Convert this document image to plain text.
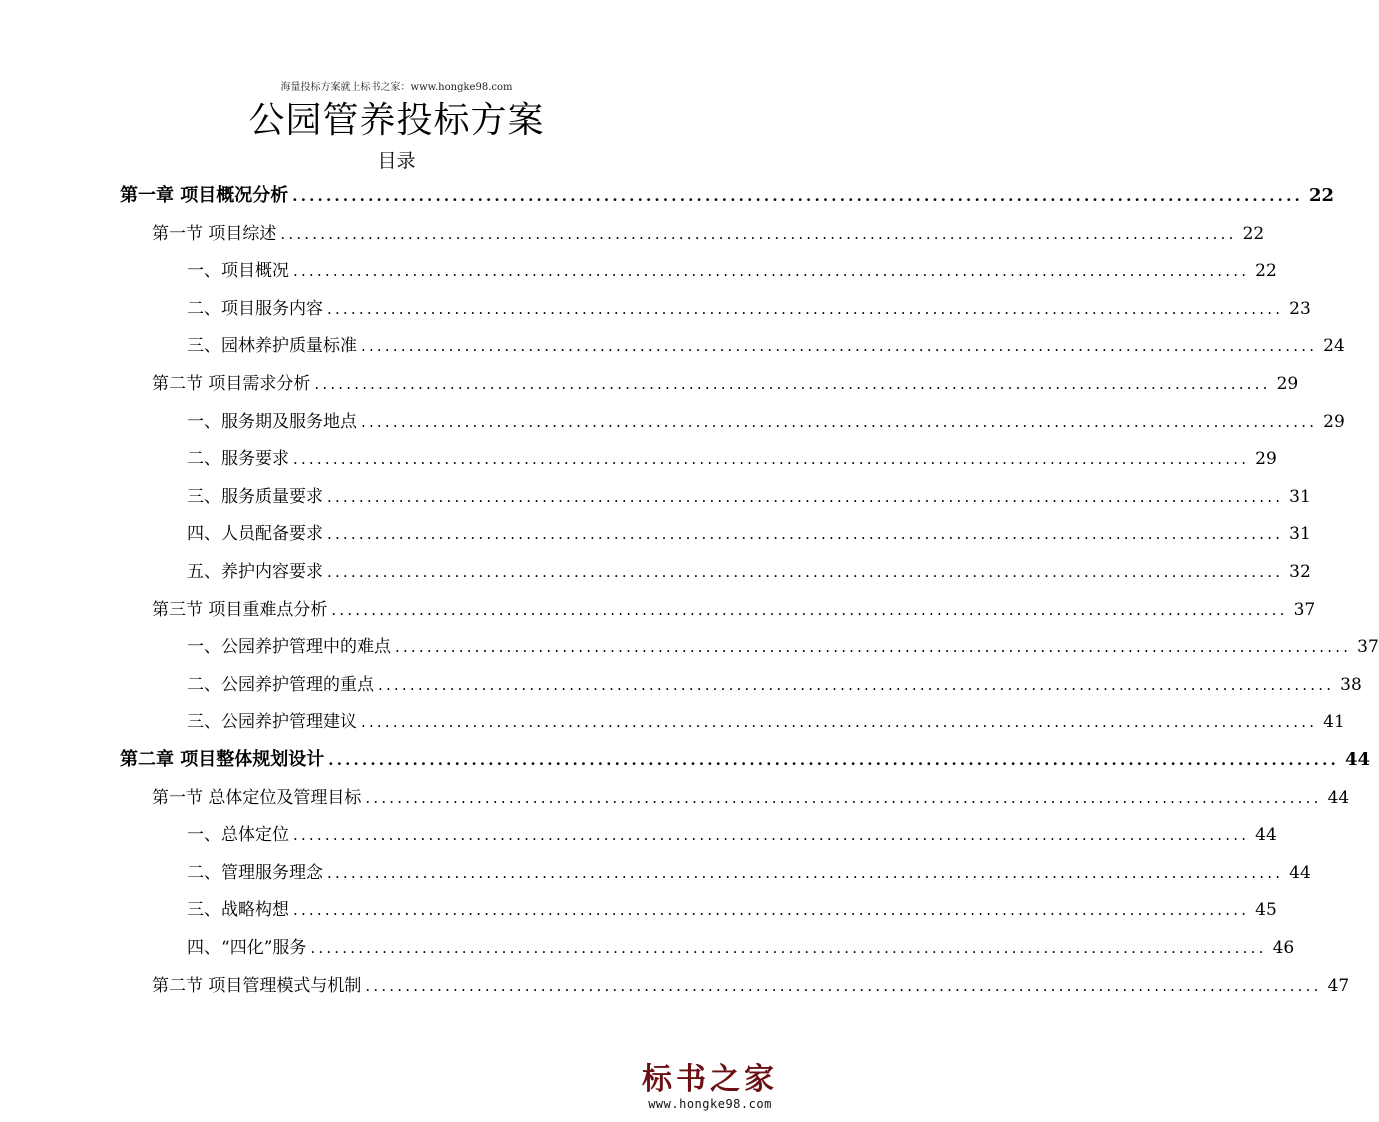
海量投标方案就上标书之家：www.hongke98.com
公园管养投标方案
目录
第一章 项目概况分析 ........................................................................................................................ 22
第一节 项目综述 ........................................................................................................................ 22
一、项目概况 ........................................................................................................................ 22
二、项目服务内容 ........................................................................................................................ 23
三、园林养护质量标准 ........................................................................................................................ 24
第二节 项目需求分析 ........................................................................................................................ 29
一、服务期及服务地点 ........................................................................................................................ 29
二、服务要求 ........................................................................................................................ 29
三、服务质量要求 ........................................................................................................................ 31
四、人员配备要求 ........................................................................................................................ 31
五、养护内容要求 ........................................................................................................................ 32
第三节 项目重难点分析 ........................................................................................................................ 37
一、公园养护管理中的难点 ........................................................................................................................ 37
二、公园养护管理的重点 ........................................................................................................................ 38
三、公园养护管理建议 ........................................................................................................................ 41
第二章 项目整体规划设计 ........................................................................................................................ 44
第一节 总体定位及管理目标 ........................................................................................................................ 44
一、总体定位 ........................................................................................................................ 44
二、管理服务理念 ........................................................................................................................ 44
三、战略构想 ........................................................................................................................ 45
四、“四化”服务 ........................................................................................................................ 46
第二节 项目管理模式与机制 ........................................................................................................................ 47
标书之家
www.hongke98.com
